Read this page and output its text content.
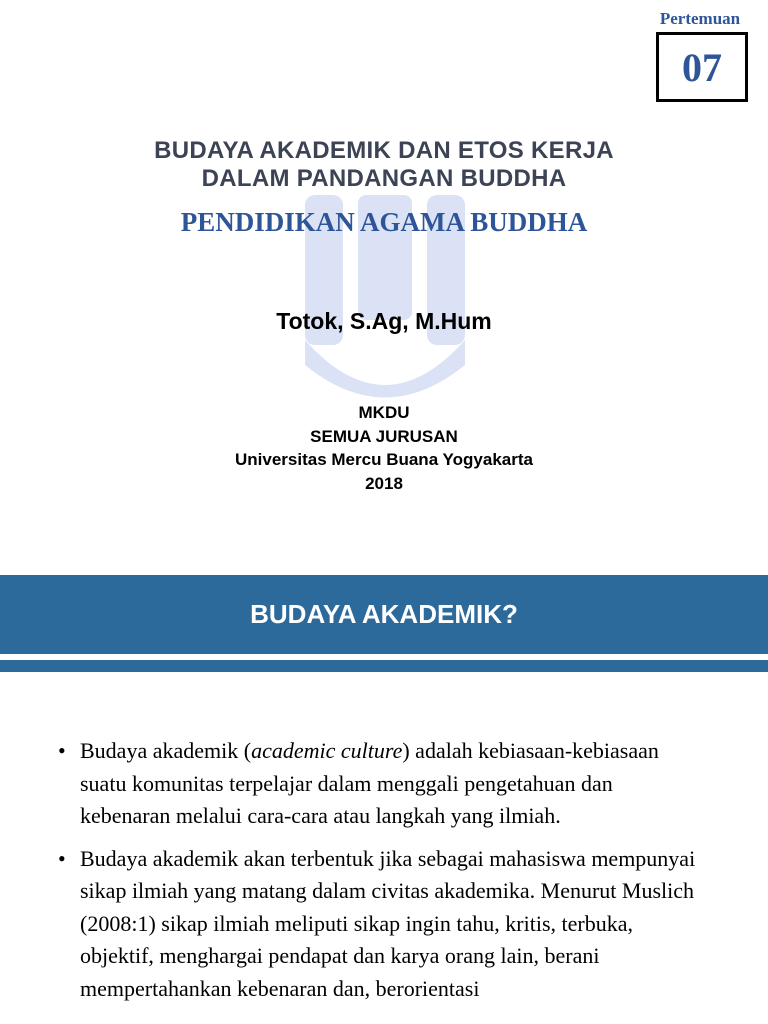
Pertemuan
07
BUDAYA AKADEMIK DAN ETOS KERJA
DALAM PANDANGAN BUDDHA
PENDIDIKAN AGAMA BUDDHA
Totok, S.Ag, M.Hum
MKDU
SEMUA JURUSAN
Universitas Mercu Buana Yogyakarta
2018
BUDAYA AKADEMIK?
• Budaya akademik (academic culture) adalah kebiasaan-kebiasaan suatu komunitas terpelajar dalam menggali pengetahuan dan kebenaran melalui cara-cara atau langkah yang ilmiah.
• Budaya akademik akan terbentuk jika sebagai mahasiswa mempunyai sikap ilmiah yang matang dalam civitas akademika. Menurut Muslich (2008:1) sikap ilmiah meliputi sikap ingin tahu, kritis, terbuka, objektif, menghargai pendapat dan karya orang lain, berani mempertahankan kebenaran dan, berorientasi
